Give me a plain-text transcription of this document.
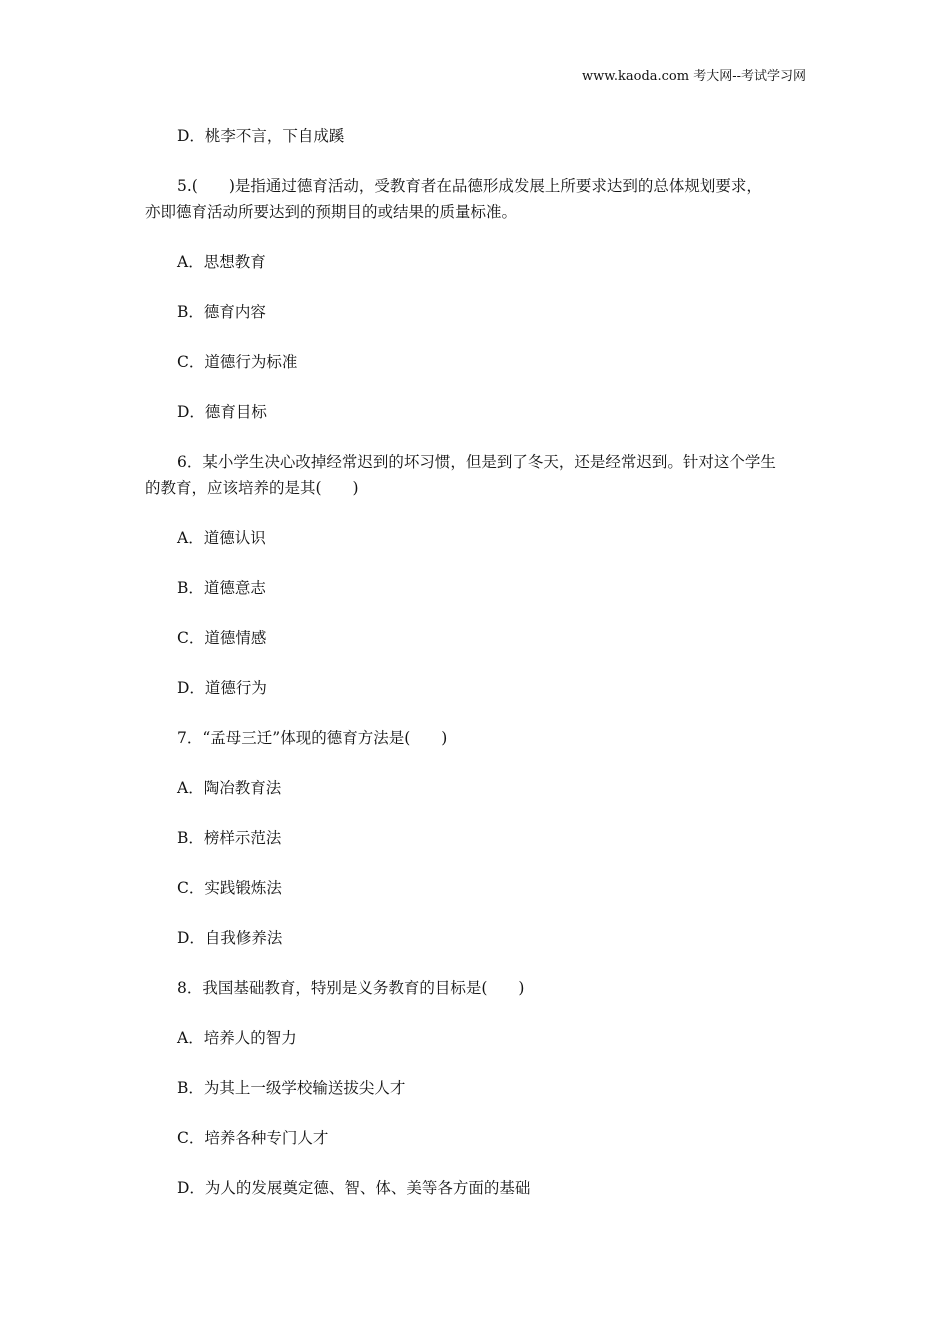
www.kaoda.com 考大网--考试学习网
D．桃李不言，下自成蹊
5.(　　)是指通过德育活动，受教育者在品德形成发展上所要求达到的总体规划要求，
亦即德育活动所要达到的预期目的或结果的质量标准。
A．思想教育
B．德育内容
C．道德行为标准
D．德育目标
6．某小学生决心改掉经常迟到的坏习惯，但是到了冬天，还是经常迟到。针对这个学生
的教育，应该培养的是其(　　)
A．道德认识
B．道德意志
C．道德情感
D．道德行为
7．“孟母三迁”体现的德育方法是(　　)
A．陶冶教育法
B．榜样示范法
C．实践锻炼法
D．自我修养法
8．我国基础教育，特别是义务教育的目标是(　　)
A．培养人的智力
B．为其上一级学校输送拔尖人才
C．培养各种专门人才
D．为人的发展奠定德、智、体、美等各方面的基础
